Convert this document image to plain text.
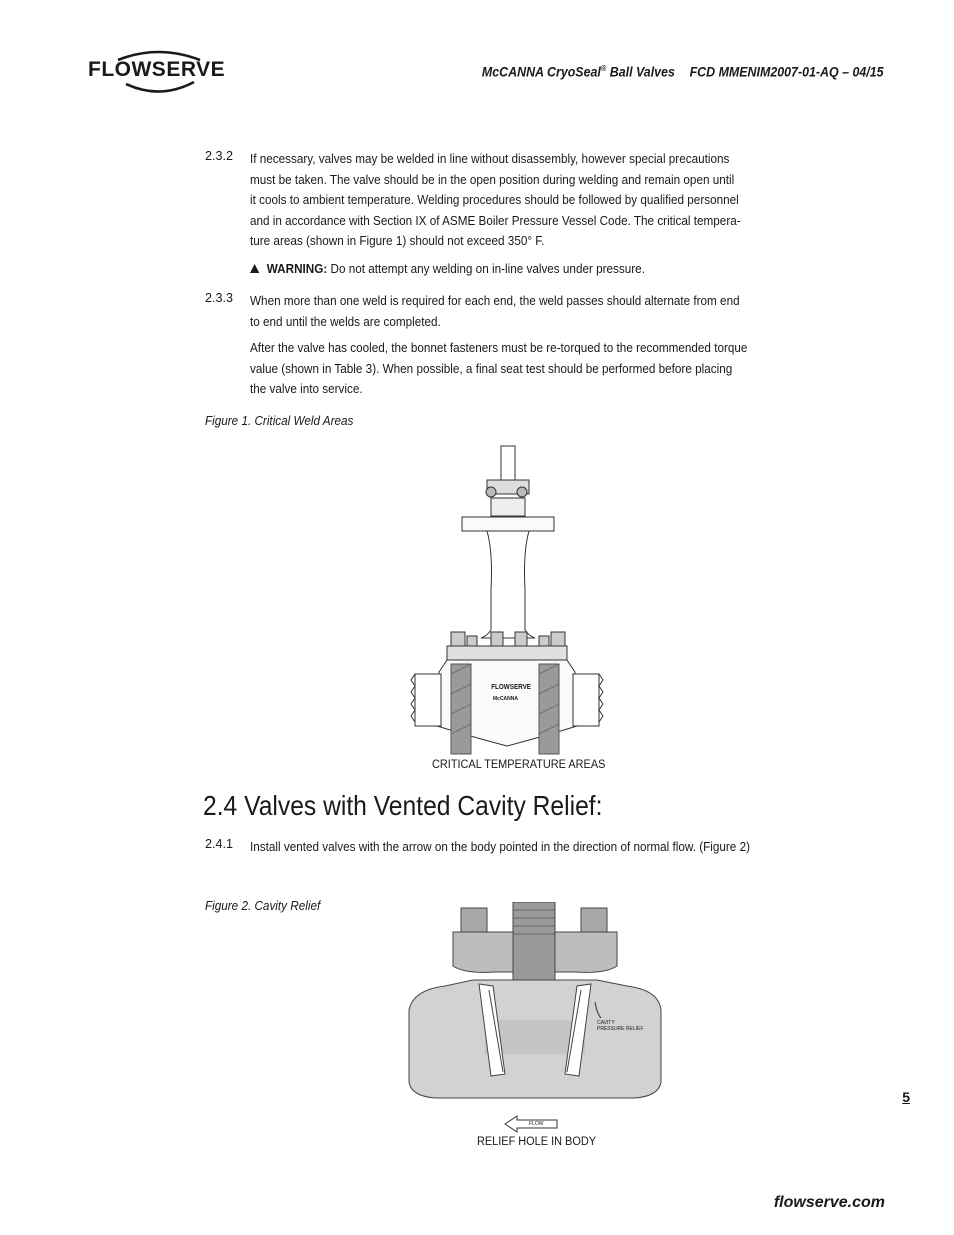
FLOWSERVE	McCANNA CryoSeal® Ball Valves FCD MMENIM2007-01-AQ – 04/15
2.3.2 If necessary, valves may be welded in line without disassembly, however special precautions
must be taken. The valve should be in the open position during welding and remain open until
it cools to ambient temperature. Welding procedures should be followed by qualified personnel
and in accordance with Section IX of ASME Boiler Pressure Vessel Code. The critical tempera-
ture areas (shown in Figure 1) should not exceed 350° F.
WARNING: Do not attempt any welding on in-line valves under pressure.
2.3.3 When more than one weld is required for each end, the weld passes should alternate from end
to end until the welds are completed.
After the valve has cooled, the bonnet fasteners must be re-torqued to the recommended torque
value (shown in Table 3). When possible, a final seat test should be performed before placing
the valve into service.
Figure 1. Critical Weld Areas
FLOWSERVE
McCANNA
CRITICAL TEMPERATURE AREAS
2.4 Valves with Vented Cavity Relief:
2.4.1 Install vented valves with the arrow on the body pointed in the direction of normal flow. (Figure 2)
Figure 2. Cavity Relief
CAVITY
PRESSURE RELIEF
FLOW
RELIEF HOLE IN BODY
5
flowserve.com
